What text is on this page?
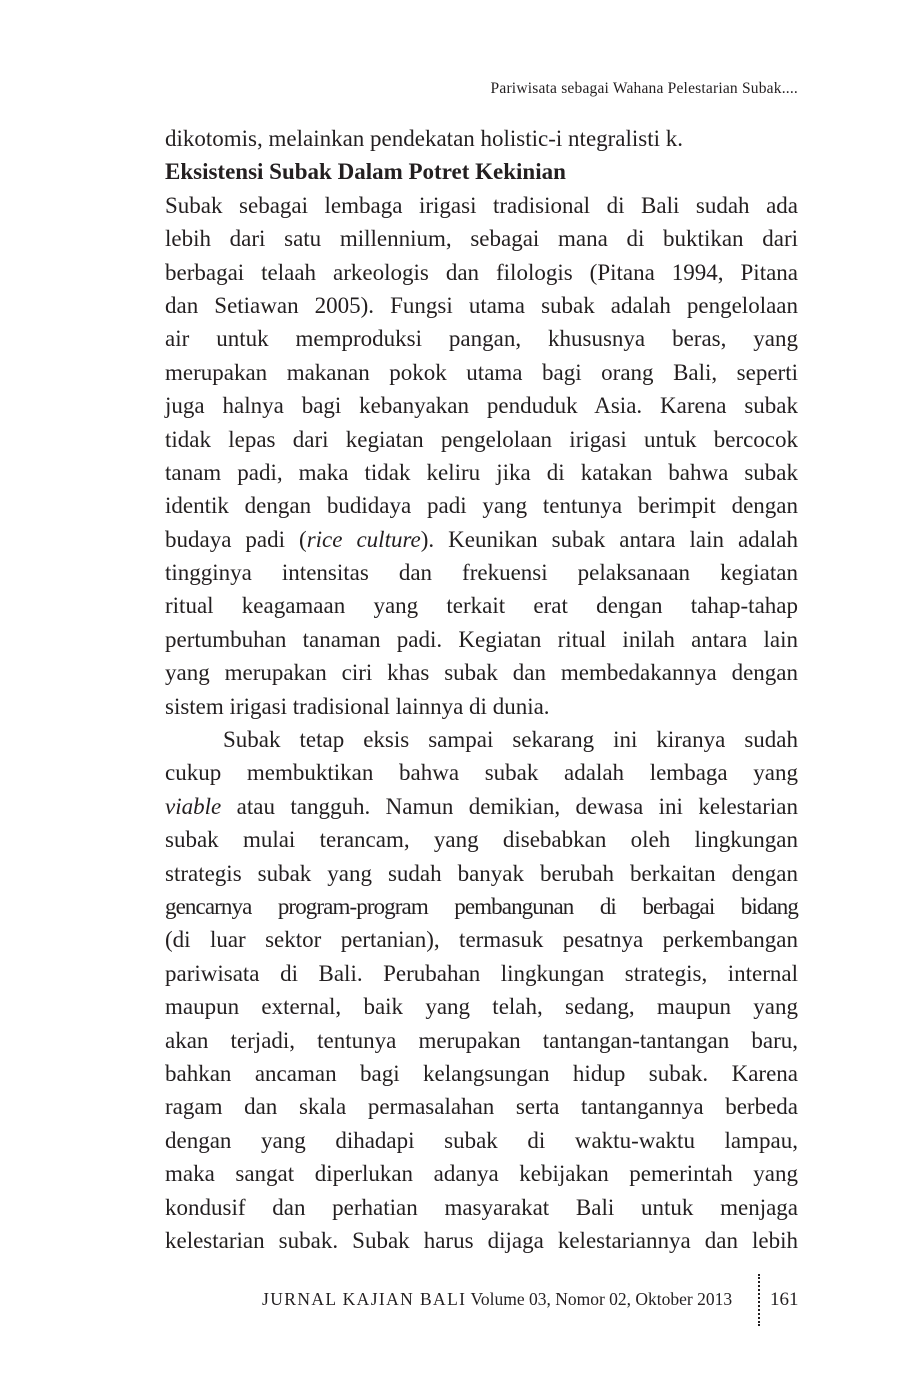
Pariwisata sebagai Wahana Pelestarian Subak....
dikotomis, melainkan pendekatan holistic-i ntegralisti k.
Eksistensi Subak Dalam Potret Kekinian
Subak sebagai lembaga irigasi tradisional di Bali sudah ada
lebih dari satu millennium, sebagai mana di buktikan dari
berbagai telaah arkeologis dan filologis (Pitana 1994, Pitana
dan Setiawan 2005). Fungsi utama subak adalah pengelolaan
air untuk memproduksi pangan, khususnya beras, yang
merupakan makanan pokok utama bagi orang Bali, seperti
juga halnya bagi kebanyakan penduduk Asia. Karena subak
tidak lepas dari kegiatan pengelolaan irigasi untuk bercocok
tanam padi, maka tidak keliru jika di katakan bahwa subak
identik dengan budidaya padi yang tentunya berimpit dengan
budaya padi (rice culture). Keunikan subak antara lain adalah
tingginya intensitas dan frekuensi pelaksanaan kegiatan
ritual keagamaan yang terkait erat dengan tahap-tahap
pertumbuhan tanaman padi. Kegiatan ritual inilah antara lain
yang merupakan ciri khas subak dan membedakannya dengan
sistem irigasi tradisional lainnya di dunia.
Subak tetap eksis sampai sekarang ini kiranya sudah
cukup membuktikan bahwa subak adalah lembaga yang
viable atau tangguh. Namun demikian, dewasa ini kelestarian
subak mulai terancam, yang disebabkan oleh lingkungan
strategis subak yang sudah banyak berubah berkaitan dengan
gencarnya program-program pembangunan di berbagai bidang
(di luar sektor pertanian), termasuk pesatnya perkembangan
pariwisata di Bali. Perubahan lingkungan strategis, internal
maupun external, baik yang telah, sedang, maupun yang
akan terjadi, tentunya merupakan tantangan-tantangan baru,
bahkan ancaman bagi kelangsungan hidup subak. Karena
ragam dan skala permasalahan serta tantangannya berbeda
dengan yang dihadapi subak di waktu-waktu lampau,
maka sangat diperlukan adanya kebijakan pemerintah yang
kondusif dan perhatian masyarakat Bali untuk menjaga
kelestarian subak. Subak harus dijaga kelestariannya dan lebih
JURNAL KAJIAN BALI Volume 03, Nomor 02, Oktober 2013 161
